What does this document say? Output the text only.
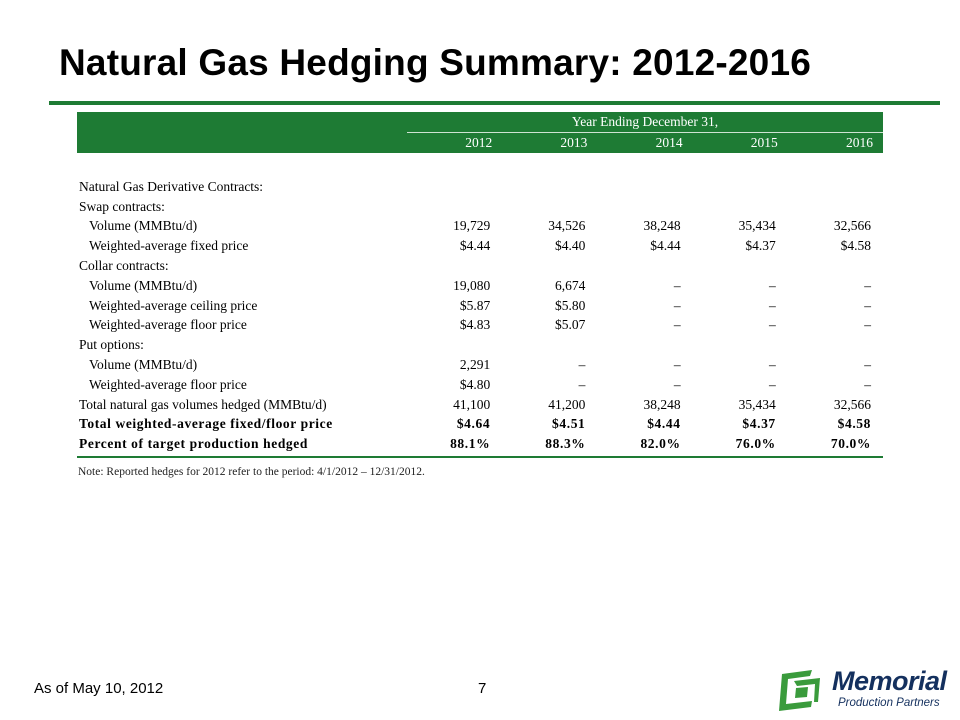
Natural Gas Hedging Summary: 2012-2016
	Year Ending December 31,				
	2012	2013	2014	2015	2016

Natural Gas Derivative Contracts:					
Swap contracts:					
Volume (MMBtu/d)	19,729	34,526	38,248	35,434	32,566
Weighted-average fixed price	$4.44	$4.40	$4.44	$4.37	$4.58
Collar contracts:					
Volume (MMBtu/d)	19,080	6,674	–	–	–
Weighted-average ceiling price	$5.87	$5.80	–	–	–
Weighted-average floor price	$4.83	$5.07	–	–	–
Put options:					
Volume (MMBtu/d)	2,291	–	–	–	–
Weighted-average floor price	$4.80	–	–	–	–
Total natural gas volumes hedged (MMBtu/d)	41,100	41,200	38,248	35,434	32,566
Total weighted-average fixed/floor price	$4.64	$4.51	$4.44	$4.37	$4.58
Percent of target production hedged	88.1%	88.3%	82.0%	76.0%	70.0%
Note: Reported hedges for 2012 refer to the period: 4/1/2012 – 12/31/2012.
As of May 10, 2012	7	Memorial
Production Partners
